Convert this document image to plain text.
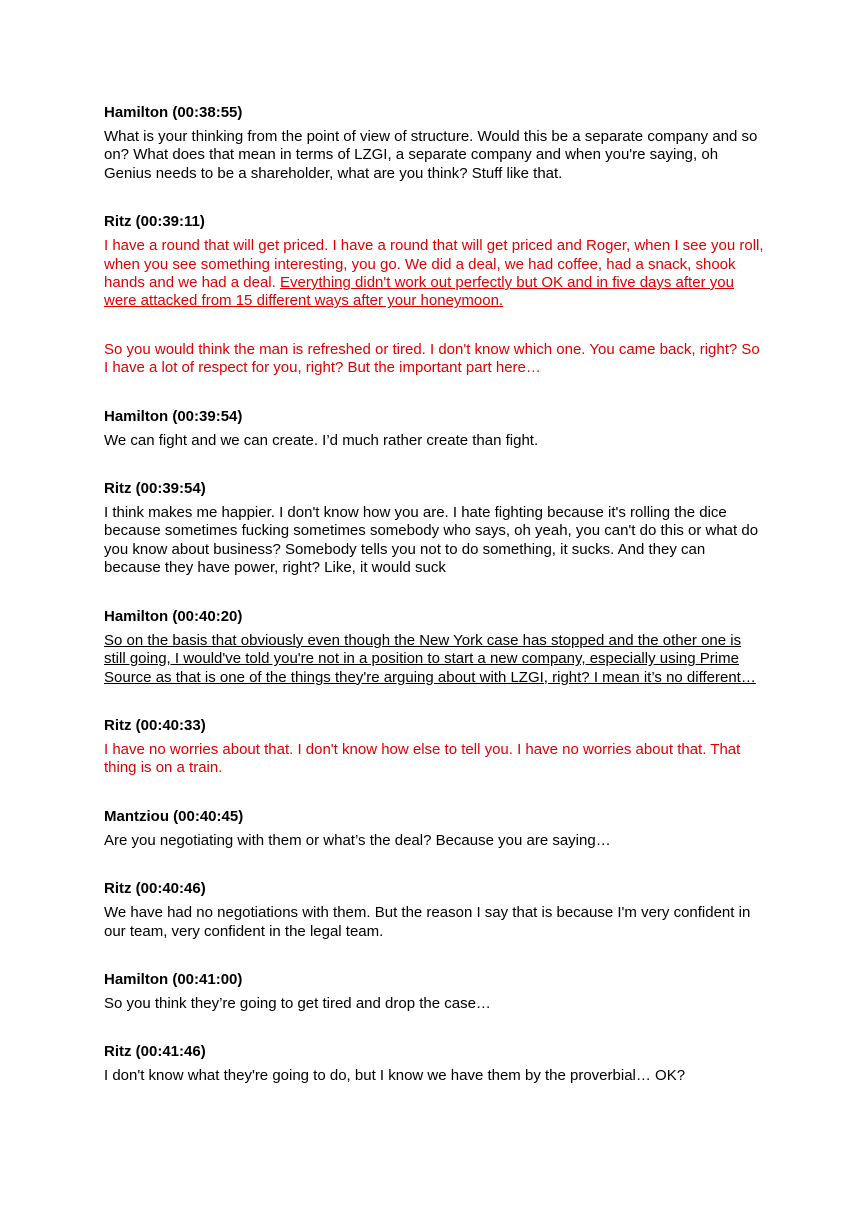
Hamilton (00:38:55)

What is your thinking from the point of view of structure. Would this be a separate company and so on? What does that mean in terms of LZGI, a separate company and when you're saying, oh Genius needs to be a shareholder, what are you think? Stuff like that.

Ritz (00:39:11)

I have a round that will get priced. I have a round that will get priced and Roger, when I see you roll, when you see something interesting, you go. We did a deal, we had coffee, had a snack, shook hands and we had a deal. Everything didn't work out perfectly but OK and in five days after you were attacked from 15 different ways after your honeymoon.

So you would think the man is refreshed or tired. I don't know which one. You came back, right? So I have a lot of respect for you, right? But the important part here…

Hamilton (00:39:54)

We can fight and we can create. I’d much rather create than fight.

Ritz (00:39:54)

I think makes me happier. I don't know how you are. I hate fighting because it's rolling the dice because sometimes fucking sometimes somebody who says, oh yeah, you can't do this or what do you know about business? Somebody tells you not to do something, it sucks. And they can because they have power, right? Like, it would suck

Hamilton (00:40:20)

So on the basis that obviously even though the New York case has stopped and the other one is still going, I would've told you're not in a position to start a new company, especially using Prime Source as that is one of the things they're arguing about with LZGI, right? I mean it’s no different…

Ritz (00:40:33)

I have no worries about that. I don't know how else to tell you. I have no worries about that. That thing is on a train.

Mantziou (00:40:45)

Are you negotiating with them or what’s the deal? Because you are saying…

Ritz (00:40:46)

We have had no negotiations with them. But the reason I say that is because I'm very confident in our team, very confident in the legal team.

Hamilton (00:41:00)

So you think they’re going to get tired and drop the case…

Ritz (00:41:46)

I don't know what they're going to do, but I know we have them by the proverbial… OK?
